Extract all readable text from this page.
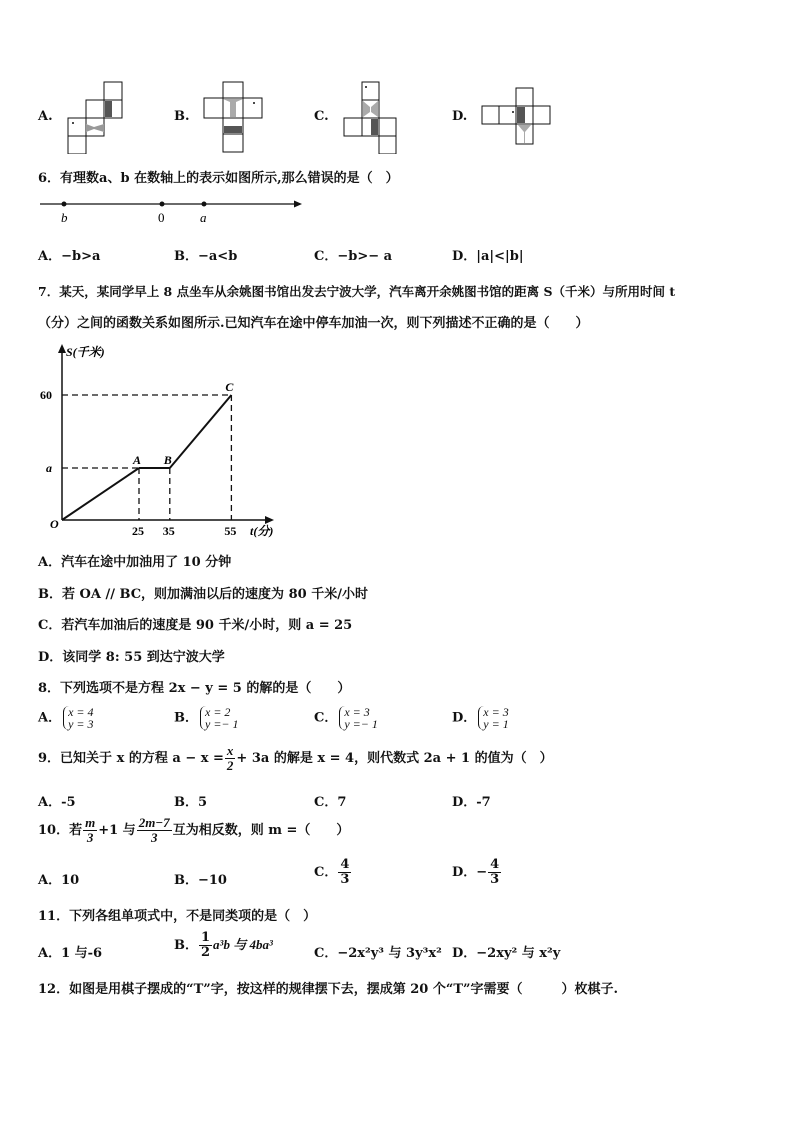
A.	B.	C.	D.
6．有理数a、b 在数轴上的表示如图所示,那么错误的是（　）
b	0	a
A．−b>a	B．−a<b	C．−b>− a	D．|a|<|b|
7．某天，某同学早上 8 点坐车从余姚图书馆出发去宁波大学，汽车离开余姚图书馆的距离 S（千米）与所用时间 t
（分）之间的函数关系如图所示.已知汽车在途中停车加油一次，则下列描述不正确的是（　　）
S(千米)
t(分)
O
A B
C
25 35	55
a
60
A．汽车在途中加油用了 10 分钟
B．若 OA // BC，则加满油以后的速度为 80 千米/小时
C．若汽车加油后的速度是 90 千米/小时，则 a = 25
D．该同学 8: 55 到达宁波大学
8．下列选项不是方程 2x − y = 5 的解的是（　　）
A． x = 4
y = 3	B． x = 2
y =− 1	C． x = 3
y =− 1	D． x = 3
y = 1
9．已知关于 x 的方程 $a - x = \frac{x}{2} + 3a$ 的解是 x = 4，则代数式 2a + 1 的值为（　）
A．-5	B．5	C．7	D．-7
10．若 $\frac{m}{3} +1$ 与 $\frac{2m-7}{3}$ 互为相反数，则 m =（　　）
A．10	B．−10
C． $\frac{4}{3}$	D．− $\frac{4}{3}$
11．下列各组单项式中，不是同类项的是（　）
A．1 与-6
B． $\frac{1}{2} a^3b$ 与 4ba³
C．−2x²y³ 与 3y³x² D．−2xy² 与 x²y
12．如图是用棋子摆成的“T”字，按这样的规律摆下去，摆成第 20 个“T”字需要（　　　）枚棋子.
